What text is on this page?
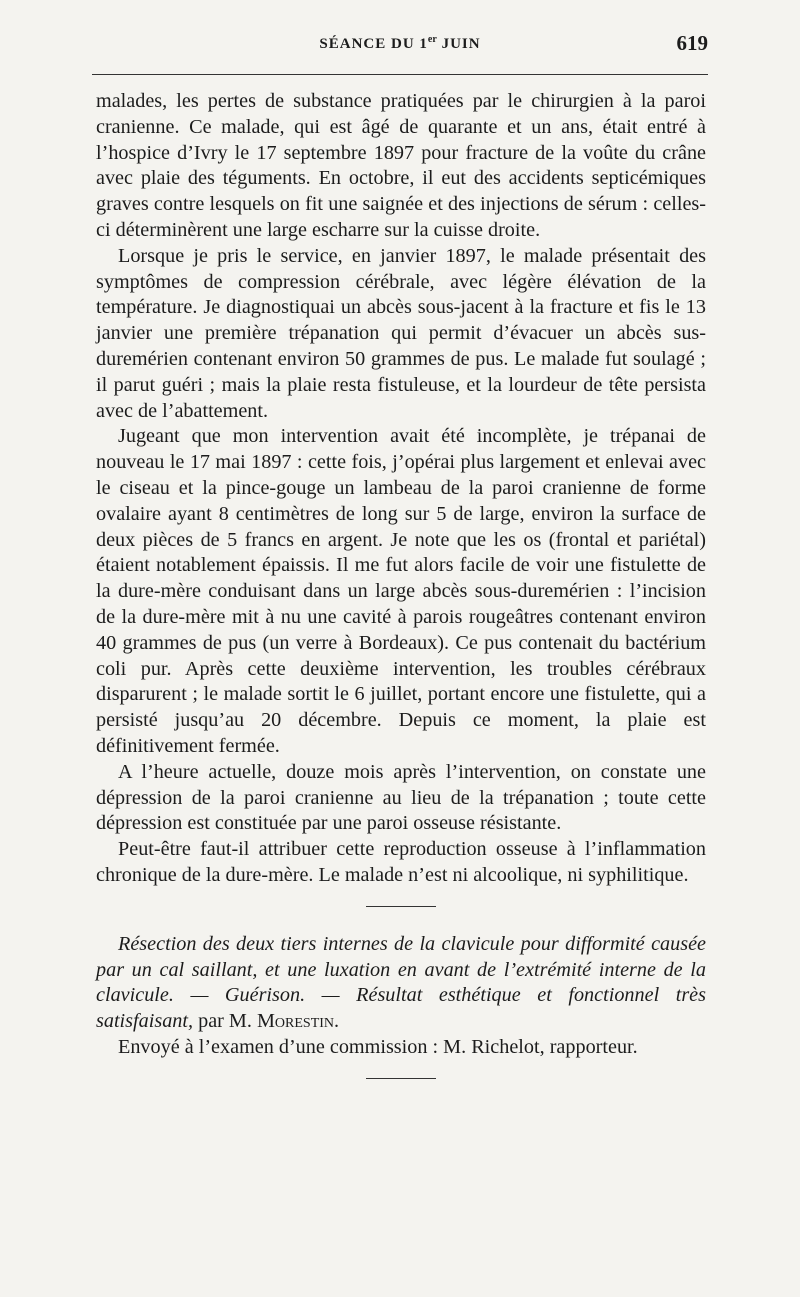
SÉANCE DU 1er JUIN	619

malades, les pertes de substance pratiquées par le chirurgien à la paroi cranienne. Ce malade, qui est âgé de quarante et un ans, était entré à l’hospice d’Ivry le 17 septembre 1897 pour fracture de la voûte du crâne avec plaie des téguments. En octobre, il eut des accidents septicémiques graves contre lesquels on fit une saignée et des injections de sérum : celles-ci déterminèrent une large escharre sur la cuisse droite.

Lorsque je pris le service, en janvier 1897, le malade présentait des symptômes de compression cérébrale, avec légère élévation de la température. Je diagnostiquai un abcès sous-jacent à la fracture et fis le 13 janvier une première trépanation qui permit d’évacuer un abcès sus-duremérien contenant environ 50 grammes de pus. Le malade fut soulagé ; il parut guéri ; mais la plaie resta fistuleuse, et la lourdeur de tête persista avec de l’abattement.

Jugeant que mon intervention avait été incomplète, je trépanai de nouveau le 17 mai 1897 : cette fois, j’opérai plus largement et enlevai avec le ciseau et la pince-gouge un lambeau de la paroi cranienne de forme ovalaire ayant 8 centimètres de long sur 5 de large, environ la surface de deux pièces de 5 francs en argent. Je note que les os (frontal et pariétal) étaient notablement épaissis. Il me fut alors facile de voir une fistulette de la dure-mère conduisant dans un large abcès sous-duremérien : l’incision de la dure-mère mit à nu une cavité à parois rougeâtres contenant environ 40 grammes de pus (un verre à Bordeaux). Ce pus contenait du bactérium coli pur. Après cette deuxième intervention, les troubles cérébraux disparurent ; le malade sortit le 6 juillet, portant encore une fistulette, qui a persisté jusqu’au 20 décembre. Depuis ce moment, la plaie est définitivement fermée.

A l’heure actuelle, douze mois après l’intervention, on constate une dépression de la paroi cranienne au lieu de la trépanation ; toute cette dépression est constituée par une paroi osseuse résistante.

Peut-être faut-il attribuer cette reproduction osseuse à l’inflammation chronique de la dure-mère. Le malade n’est ni alcoolique, ni syphilitique.

Résection des deux tiers internes de la clavicule pour difformité causée par un cal saillant, et une luxation en avant de l’extrémité interne de la clavicule. — Guérison. — Résultat esthétique et fonctionnel très satisfaisant, par M. Morestin.

Envoyé à l’examen d’une commission : M. Richelot, rapporteur.
